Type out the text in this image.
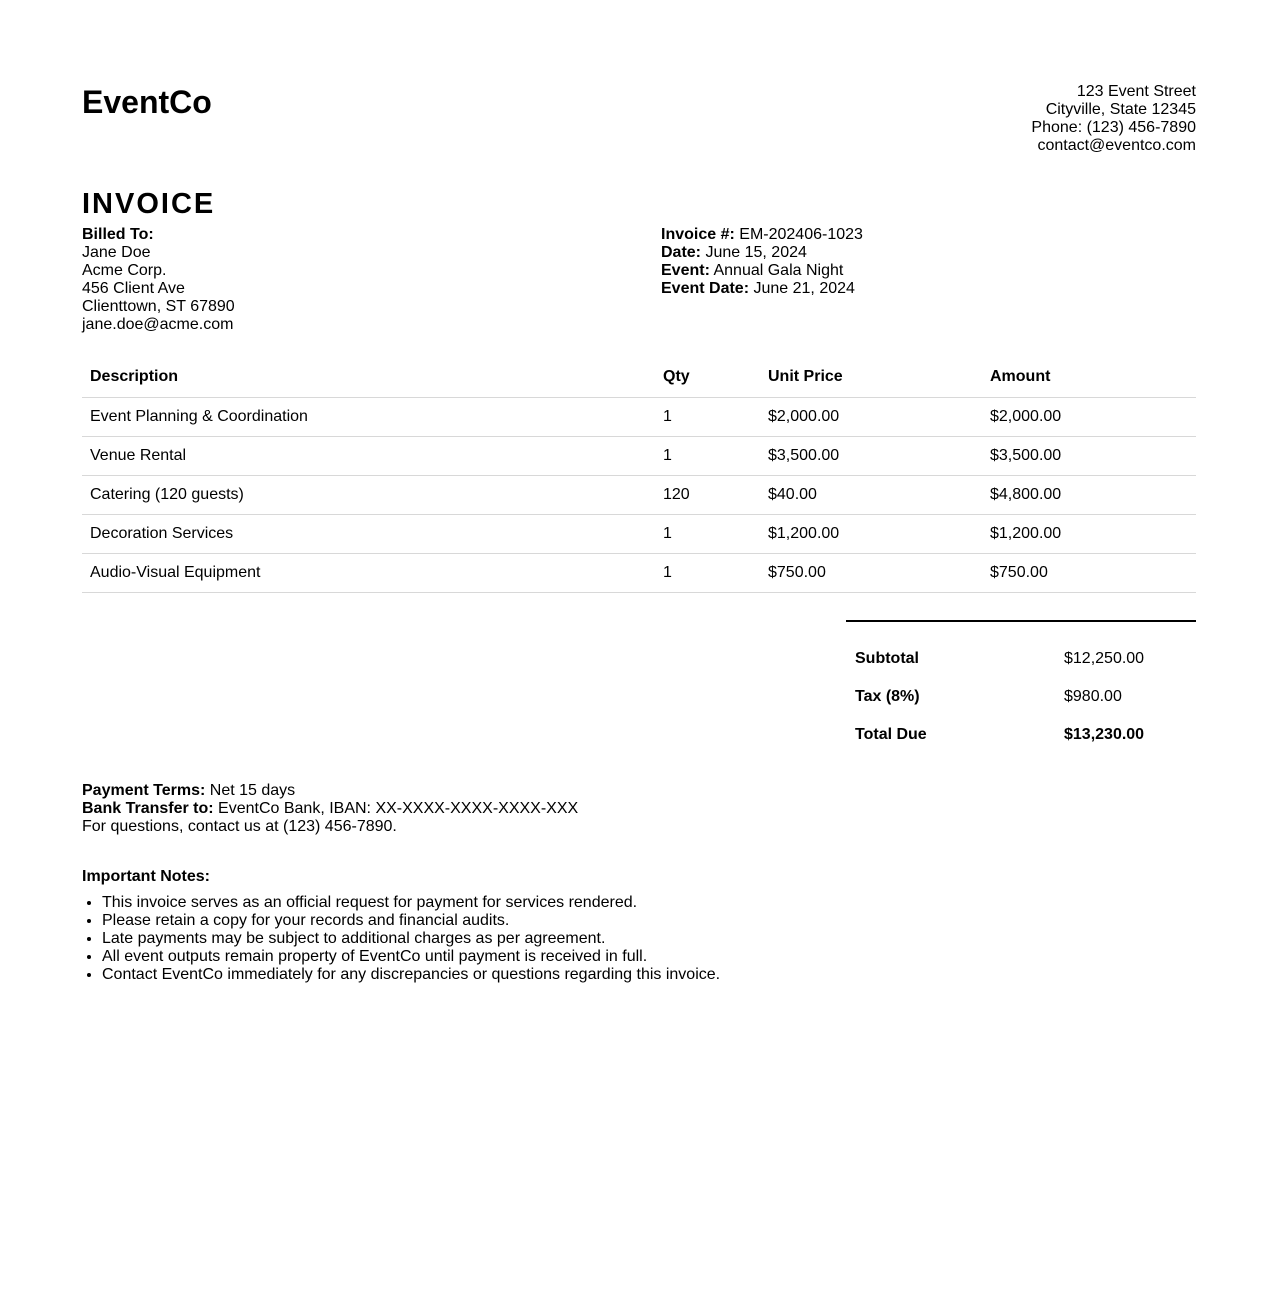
EventCo	123 Event Street
Cityville, State 12345
Phone: (123) 456-7890
contact@eventco.com
INVOICE
Billed To:
Jane Doe
Acme Corp.
456 Client Ave
Clienttown, ST 67890
jane.doe@acme.com
Invoice #: EM-202406-1023
Date: June 15, 2024
Event: Annual Gala Night
Event Date: June 21, 2024
Description	Qty	Unit Price	Amount
Event Planning & Coordination	1	$2,000.00	$2,000.00
Venue Rental	1	$3,500.00	$3,500.00
Catering (120 guests)	120	$40.00	$4,800.00
Decoration Services	1	$1,200.00	$1,200.00
Audio-Visual Equipment	1	$750.00	$750.00
Subtotal	$12,250.00
Tax (8%)	$980.00
Total Due	$13,230.00
Payment Terms: Net 15 days
Bank Transfer to: EventCo Bank, IBAN: XX-XXXX-XXXX-XXXX-XXX
For questions, contact us at (123) 456-7890.
Important Notes:
• This invoice serves as an official request for payment for services rendered.
• Please retain a copy for your records and financial audits.
• Late payments may be subject to additional charges as per agreement.
• All event outputs remain property of EventCo until payment is received in full.
• Contact EventCo immediately for any discrepancies or questions regarding this invoice.
